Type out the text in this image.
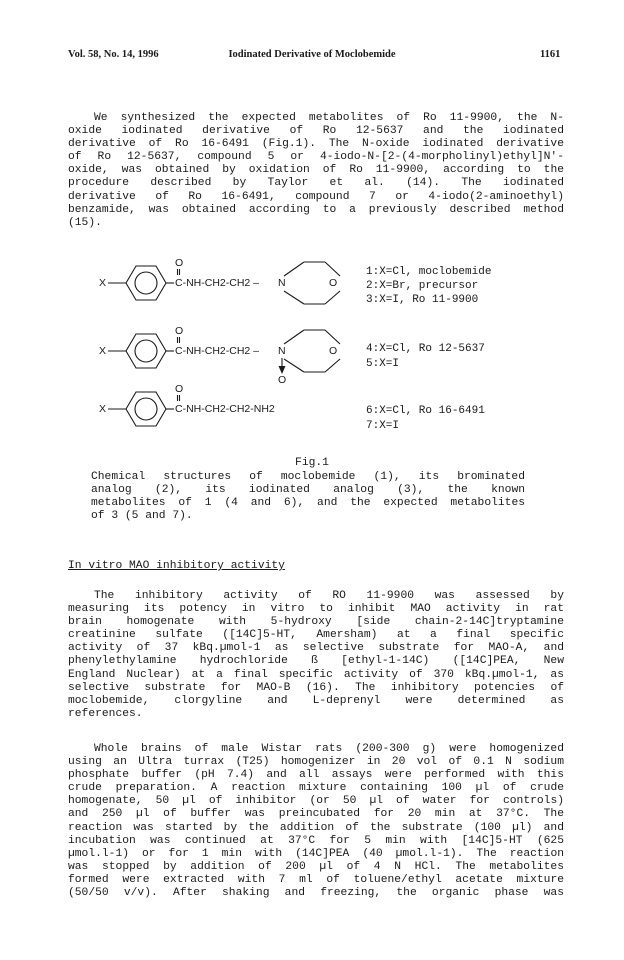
Vol. 58, No. 14, 1996	Iodinated Derivative of Moclobemide	1161
We synthesized the expected metabolites of Ro 11-9900, the N-
oxide iodinated derivative of Ro 12-5637 and the iodinated
derivative of Ro 16-6491 (Fig.1). The N-oxide iodinated derivative
of Ro 12-5637, compound 5 or 4-iodo-N-[2-(4-morpholinyl)ethyl]N'-
oxide, was obtained by oxidation of Ro 11-9900, according to the
procedure described by Taylor et al. (14). The iodinated
derivative of Ro 16-6491, compound 7 or 4-iodo(2-aminoethyl)
benzamide, was obtained according to a previously described method
(15).
X
O
C-NH-CH2-CH2 – N	O
X
O
C-NH-CH2-CH2 – N	O
O
X
O
C-NH-CH2-CH2-NH2
1:X=Cl, moclobemide
2:X=Br, precursor
3:X=I, Ro 11-9900
4:X=Cl, Ro 12-5637
5:X=I
6:X=Cl, Ro 16-6491
7:X=I
Fig.1
Chemical structures of moclobemide (1), its brominated
analog (2), its iodinated analog (3), the known
metabolites of 1 (4 and 6), and the expected metabolites
of 3 (5 and 7).
In vitro MAO inhibitory activity
The inhibitory activity of RO 11-9900 was assessed by
measuring its potency in vitro to inhibit MAO activity in rat
brain homogenate with 5-hydroxy [side chain-2-14C]tryptamine
creatinine sulfate ([14C]5-HT, Amersham) at a final specific
activity of 37 kBq.µmol-1 as selective substrate for MAO-A, and
phenylethylamine hydrochloride ß [ethyl-1-14C) ([14C]PEA, New
England Nuclear) at a final specific activity of 370 kBq.µmol-1, as
selective substrate for MAO-B (16). The inhibitory potencies of
moclobemide, clorgyline and L-deprenyl were determined as
references.
Whole brains of male Wistar rats (200-300 g) were homogenized
using an Ultra turrax (T25) homogenizer in 20 vol of 0.1 N sodium
phosphate buffer (pH 7.4) and all assays were performed with this
crude preparation. A reaction mixture containing 100 µl of crude
homogenate, 50 µl of inhibitor (or 50 µl of water for controls)
and 250 µl of buffer was preincubated for 20 min at 37°C. The
reaction was started by the addition of the substrate (100 µl) and
incubation was continued at 37°C for 5 min with [14C]5-HT (625
µmol.l-1) or for 1 min with (14C]PEA (40 µmol.l-1). The reaction
was stopped by addition of 200 µl of 4 N HCl. The metabolites
formed were extracted with 7 ml of toluene/ethyl acetate mixture
(50/50 v/v). After shaking and freezing, the organic phase was
